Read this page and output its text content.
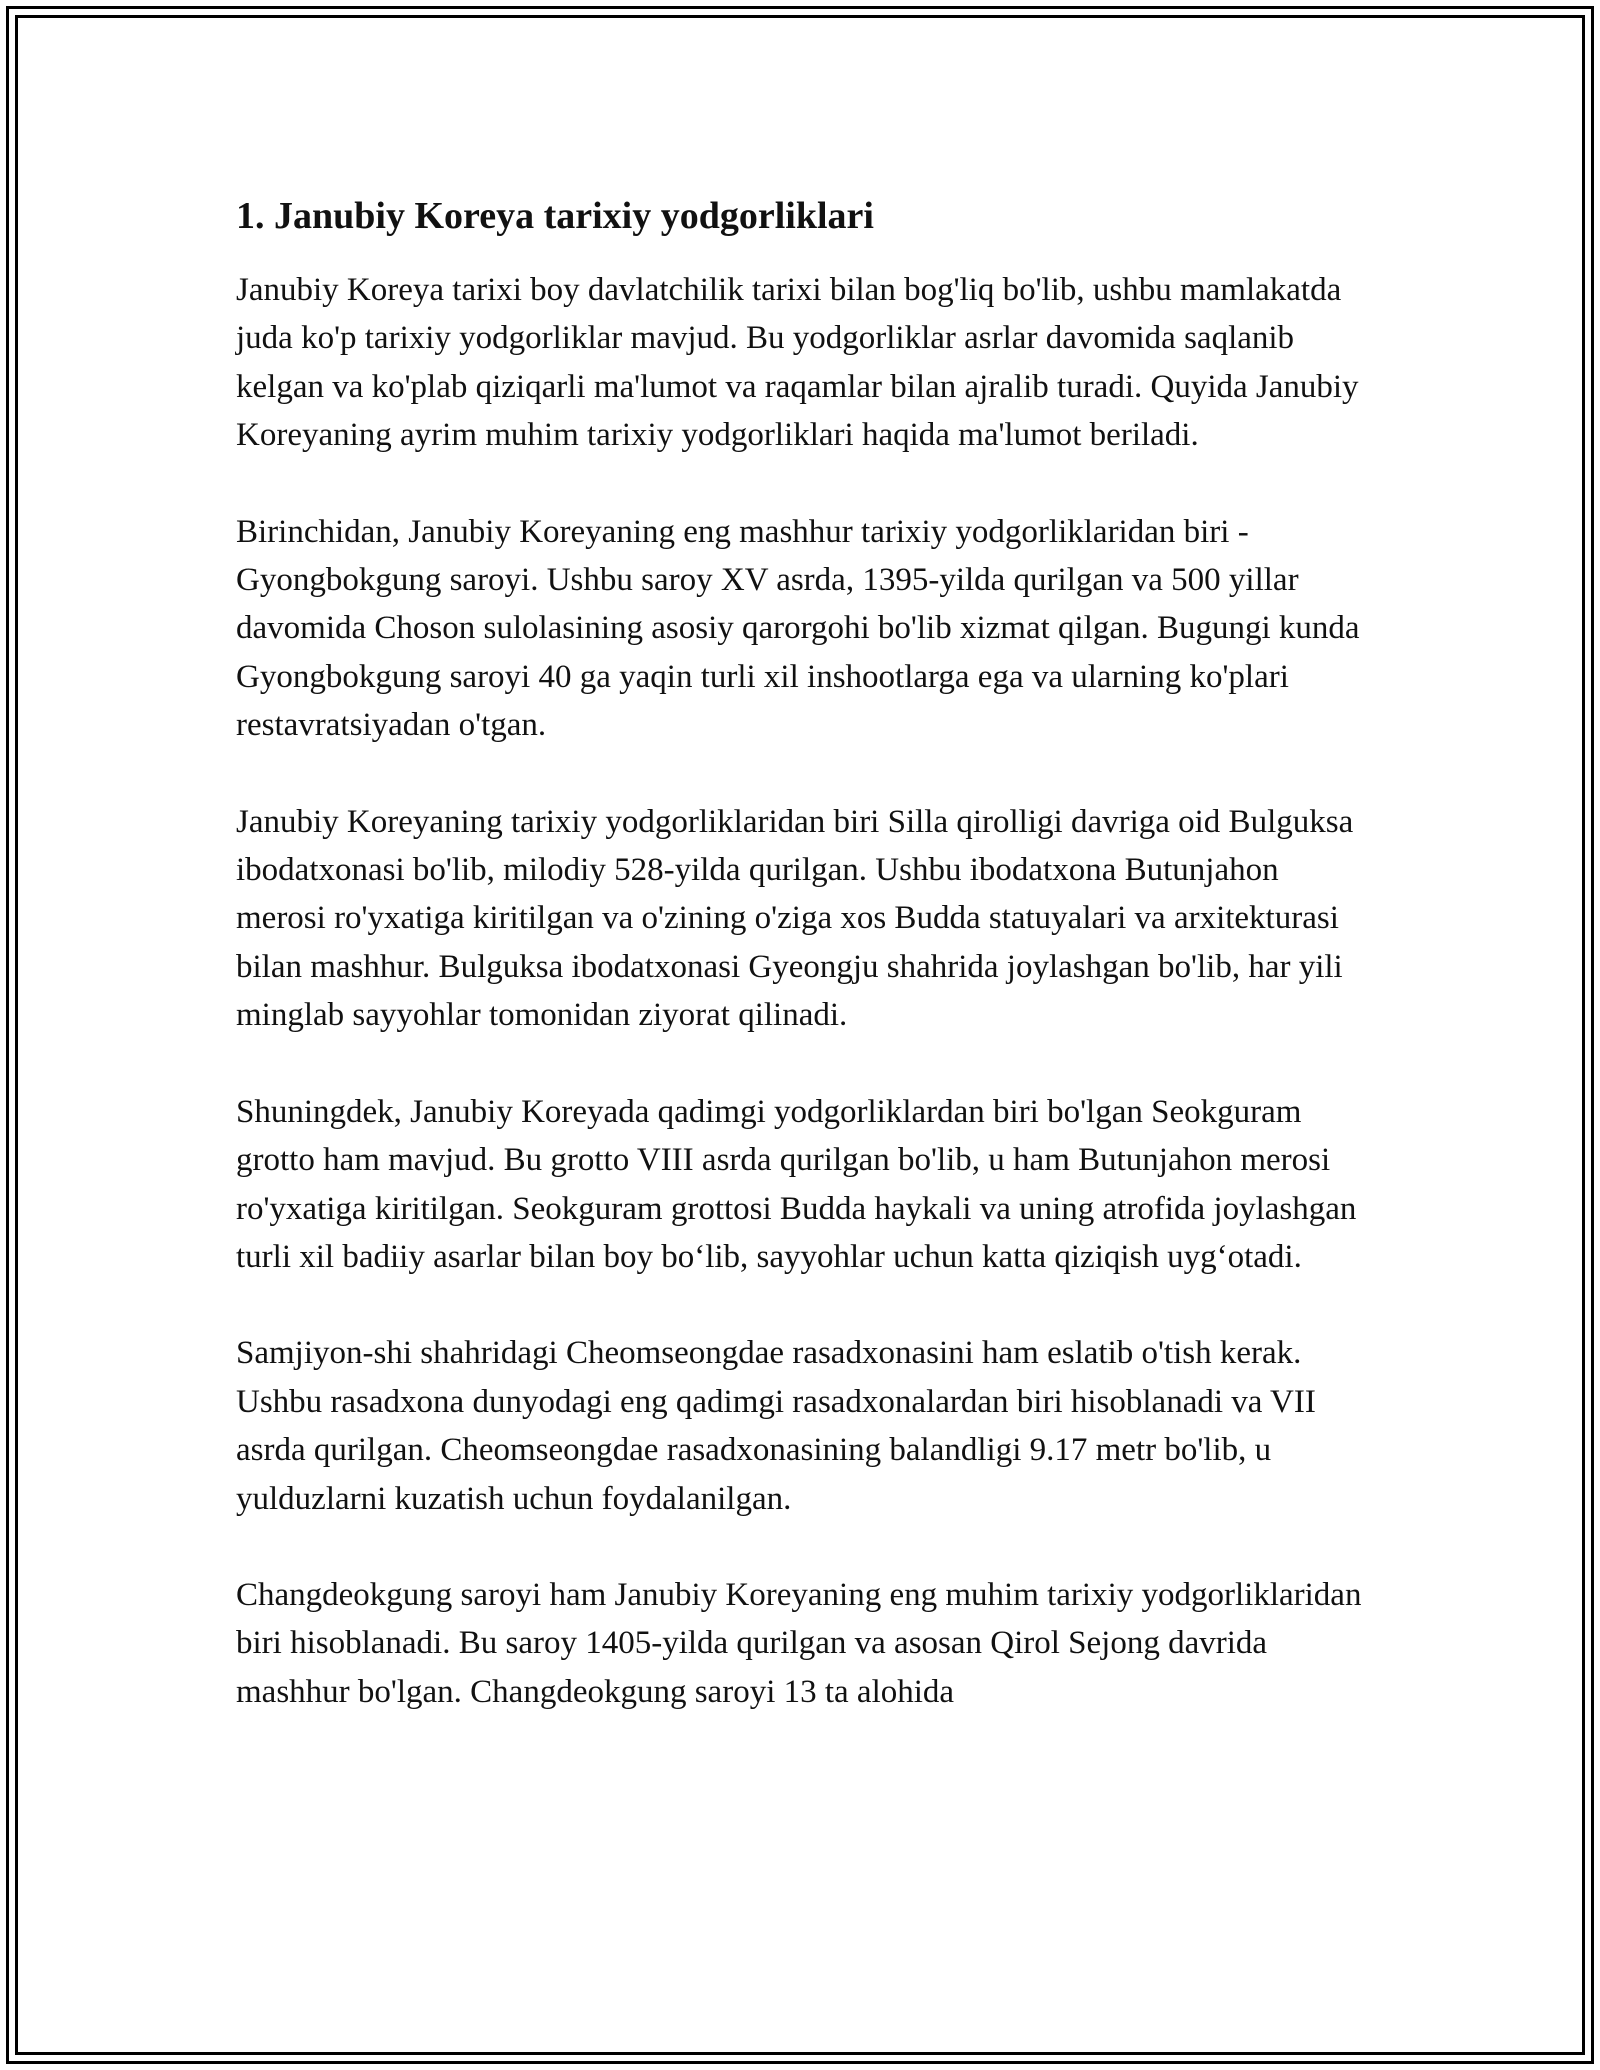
1. Janubiy Koreya tarixiy yodgorliklari

Janubiy Koreya tarixi boy davlatchilik tarixi bilan bog'liq bo'lib, ushbu mamlakatda juda ko'p tarixiy yodgorliklar mavjud. Bu yodgorliklar asrlar davomida saqlanib kelgan va ko'plab qiziqarli ma'lumot va raqamlar bilan ajralib turadi. Quyida Janubiy Koreyaning ayrim muhim tarixiy yodgorliklari haqida ma'lumot beriladi.

Birinchidan, Janubiy Koreyaning eng mashhur tarixiy yodgorliklaridan biri - Gyongbokgung saroyi. Ushbu saroy XV asrda, 1395-yilda qurilgan va 500 yillar davomida Choson sulolasining asosiy qarorgohi bo'lib xizmat qilgan. Bugungi kunda Gyongbokgung saroyi 40 ga yaqin turli xil inshootlarga ega va ularning ko'plari restavratsiyadan o'tgan.

Janubiy Koreyaning tarixiy yodgorliklaridan biri Silla qirolligi davriga oid Bulguksa ibodatxonasi bo'lib, milodiy 528-yilda qurilgan. Ushbu ibodatxona Butunjahon merosi ro'yxatiga kiritilgan va o'zining o'ziga xos Budda statuyalari va arxitekturasi bilan mashhur. Bulguksa ibodatxonasi Gyeongju shahrida joylashgan bo'lib, har yili minglab sayyohlar tomonidan ziyorat qilinadi.

Shuningdek, Janubiy Koreyada qadimgi yodgorliklardan biri bo'lgan Seokguram grotto ham mavjud. Bu grotto VIII asrda qurilgan bo'lib, u ham Butunjahon merosi ro'yxatiga kiritilgan. Seokguram grottosi Budda haykali va uning atrofida joylashgan turli xil badiiy asarlar bilan boy bo‘lib, sayyohlar uchun katta qiziqish uyg‘otadi.

Samjiyon-shi shahridagi Cheomseongdae rasadxonasini ham eslatib o'tish kerak. Ushbu rasadxona dunyodagi eng qadimgi rasadxonalardan biri hisoblanadi va VII asrda qurilgan. Cheomseongdae rasadxonasining balandligi 9.17 metr bo'lib, u yulduzlarni kuzatish uchun foydalanilgan.

Changdeokgung saroyi ham Janubiy Koreyaning eng muhim tarixiy yodgorliklaridan biri hisoblanadi. Bu saroy 1405-yilda qurilgan va asosan Qirol Sejong davrida mashhur bo'lgan. Changdeokgung saroyi 13 ta alohida
